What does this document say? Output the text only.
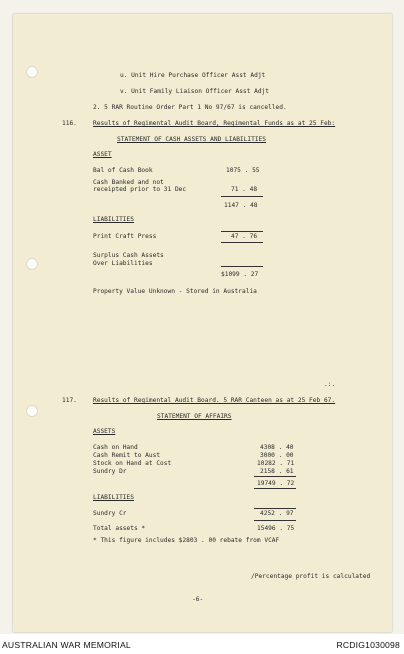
u. Unit Hire Purchase Officer Asst Adjt
v. Unit Family Liaison Officer Asst Adjt
2. 5 RAR Routine Order Part 1 No 97/67 is cancelled.
116.	Results of Regimental Audit Board, Regimental Funds as at 25 Feb:
STATEMENT OF CASH ASSETS AND LIABILITIES
ASSET
Bal of Cash Book	1075 . 55
Cash Banked and not
receipted prior to 31 Dec	71 . 48
1147 . 48
LIABILITIES
Print Craft Press	47 . 76
Surplus Cash Assets
Over Liabilities
$1099 . 27
Property Value Unknown - Stored in Australia
.:.
117.	Results of Regimental Audit Board. 5 RAR Canteen as at 25 Feb 67.
STATEMENT OF AFFAIRS
ASSETS
Cash on Hand	4308 . 40
Cash Remit to Aust	3000 . 00
Stock on Hand at Cost	10282 . 71
Sundry Dr	2158 . 61
19749 . 72
LIABILITIES
Sundry Cr	4252 . 97
Total assets *	15496 . 75
* This figure includes $2803 . 00 rebate from VCAF
/Percentage profit is calculated
-6-
AUSTRALIAN WAR MEMORIAL	RCDIG1030098
